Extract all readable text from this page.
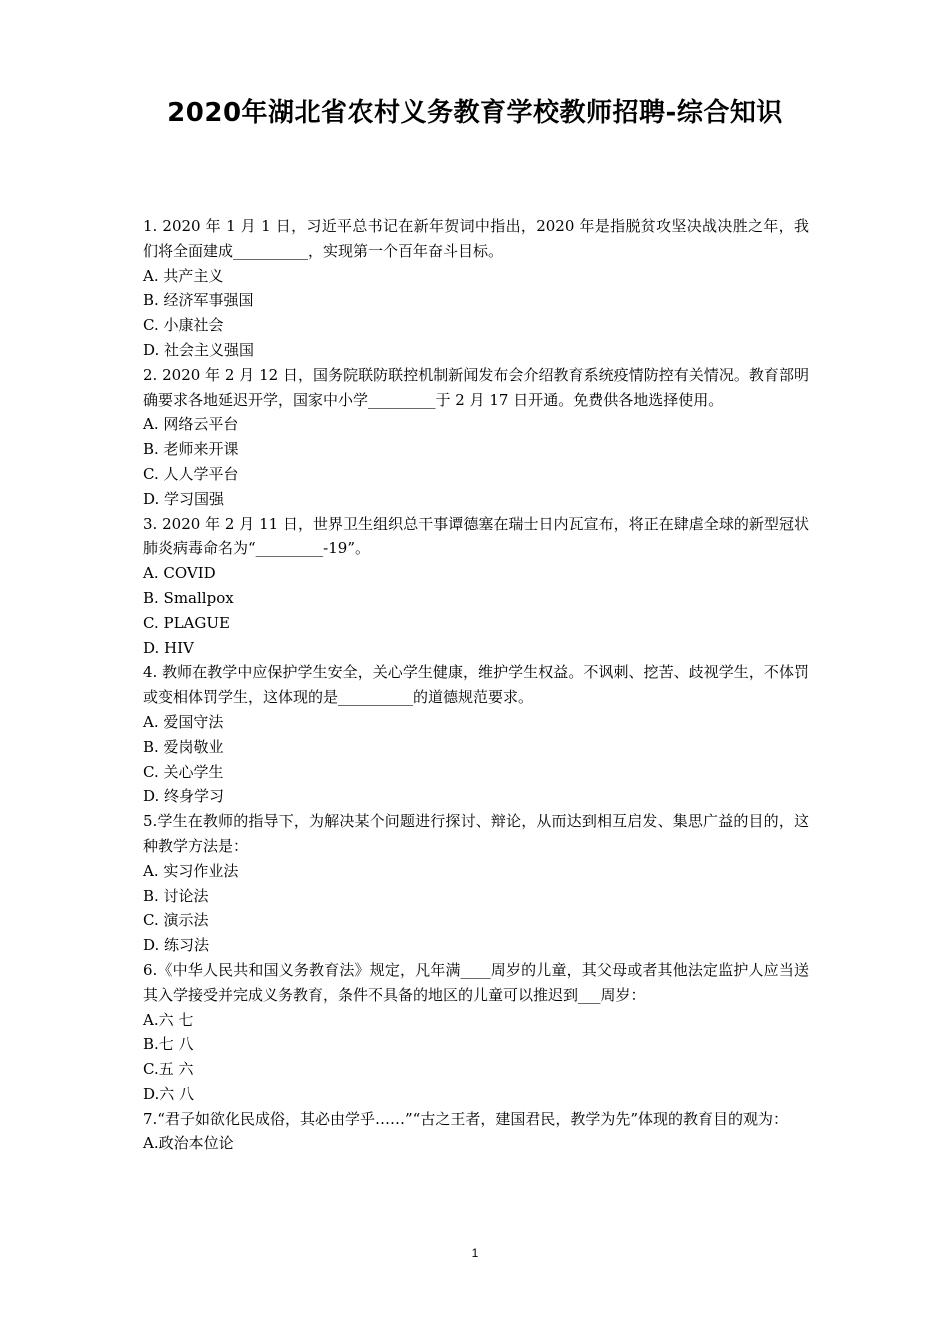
2020年湖北省农村义务教育学校教师招聘-综合知识
1. 2020 年 1 月 1 日，习近平总书记在新年贺词中指出，2020 年是指脱贫攻坚决战决胜之年，我们将全面建成__________，实现第一个百年奋斗目标。
A. 共产主义
B. 经济军事强国
C. 小康社会
D. 社会主义强国
2. 2020 年 2 月 12 日，国务院联防联控机制新闻发布会介绍教育系统疫情防控有关情况。教育部明确要求各地延迟开学，国家中小学_________于 2 月 17 日开通。免费供各地选择使用。
A. 网络云平台
B. 老师来开课
C. 人人学平台
D. 学习国强
3. 2020 年 2 月 11 日，世界卫生组织总干事谭德塞在瑞士日内瓦宣布，将正在肆虐全球的新型冠状肺炎病毒命名为“_________-19”。
A. COVID
B. Smallpox
C. PLAGUE
D. HIV
4. 教师在教学中应保护学生安全，关心学生健康，维护学生权益。不讽刺、挖苦、歧视学生，不体罚或变相体罚学生，这体现的是__________的道德规范要求。
A. 爱国守法
B. 爱岗敬业
C. 关心学生
D. 终身学习
5.学生在教师的指导下，为解决某个问题进行探讨、辩论，从而达到相互启发、集思广益的目的，这种教学方法是：
A. 实习作业法
B. 讨论法
C. 演示法
D. 练习法
6.《中华人民共和国义务教育法》规定，凡年满____周岁的儿童，其父母或者其他法定监护人应当送其入学接受并完成义务教育，条件不具备的地区的儿童可以推迟到___周岁：
A.六 七
B.七 八
C.五 六
D.六 八
7.“君子如欲化民成俗，其必由学乎……”“古之王者，建国君民，教学为先”体现的教育目的观为：
A.政治本位论
1
